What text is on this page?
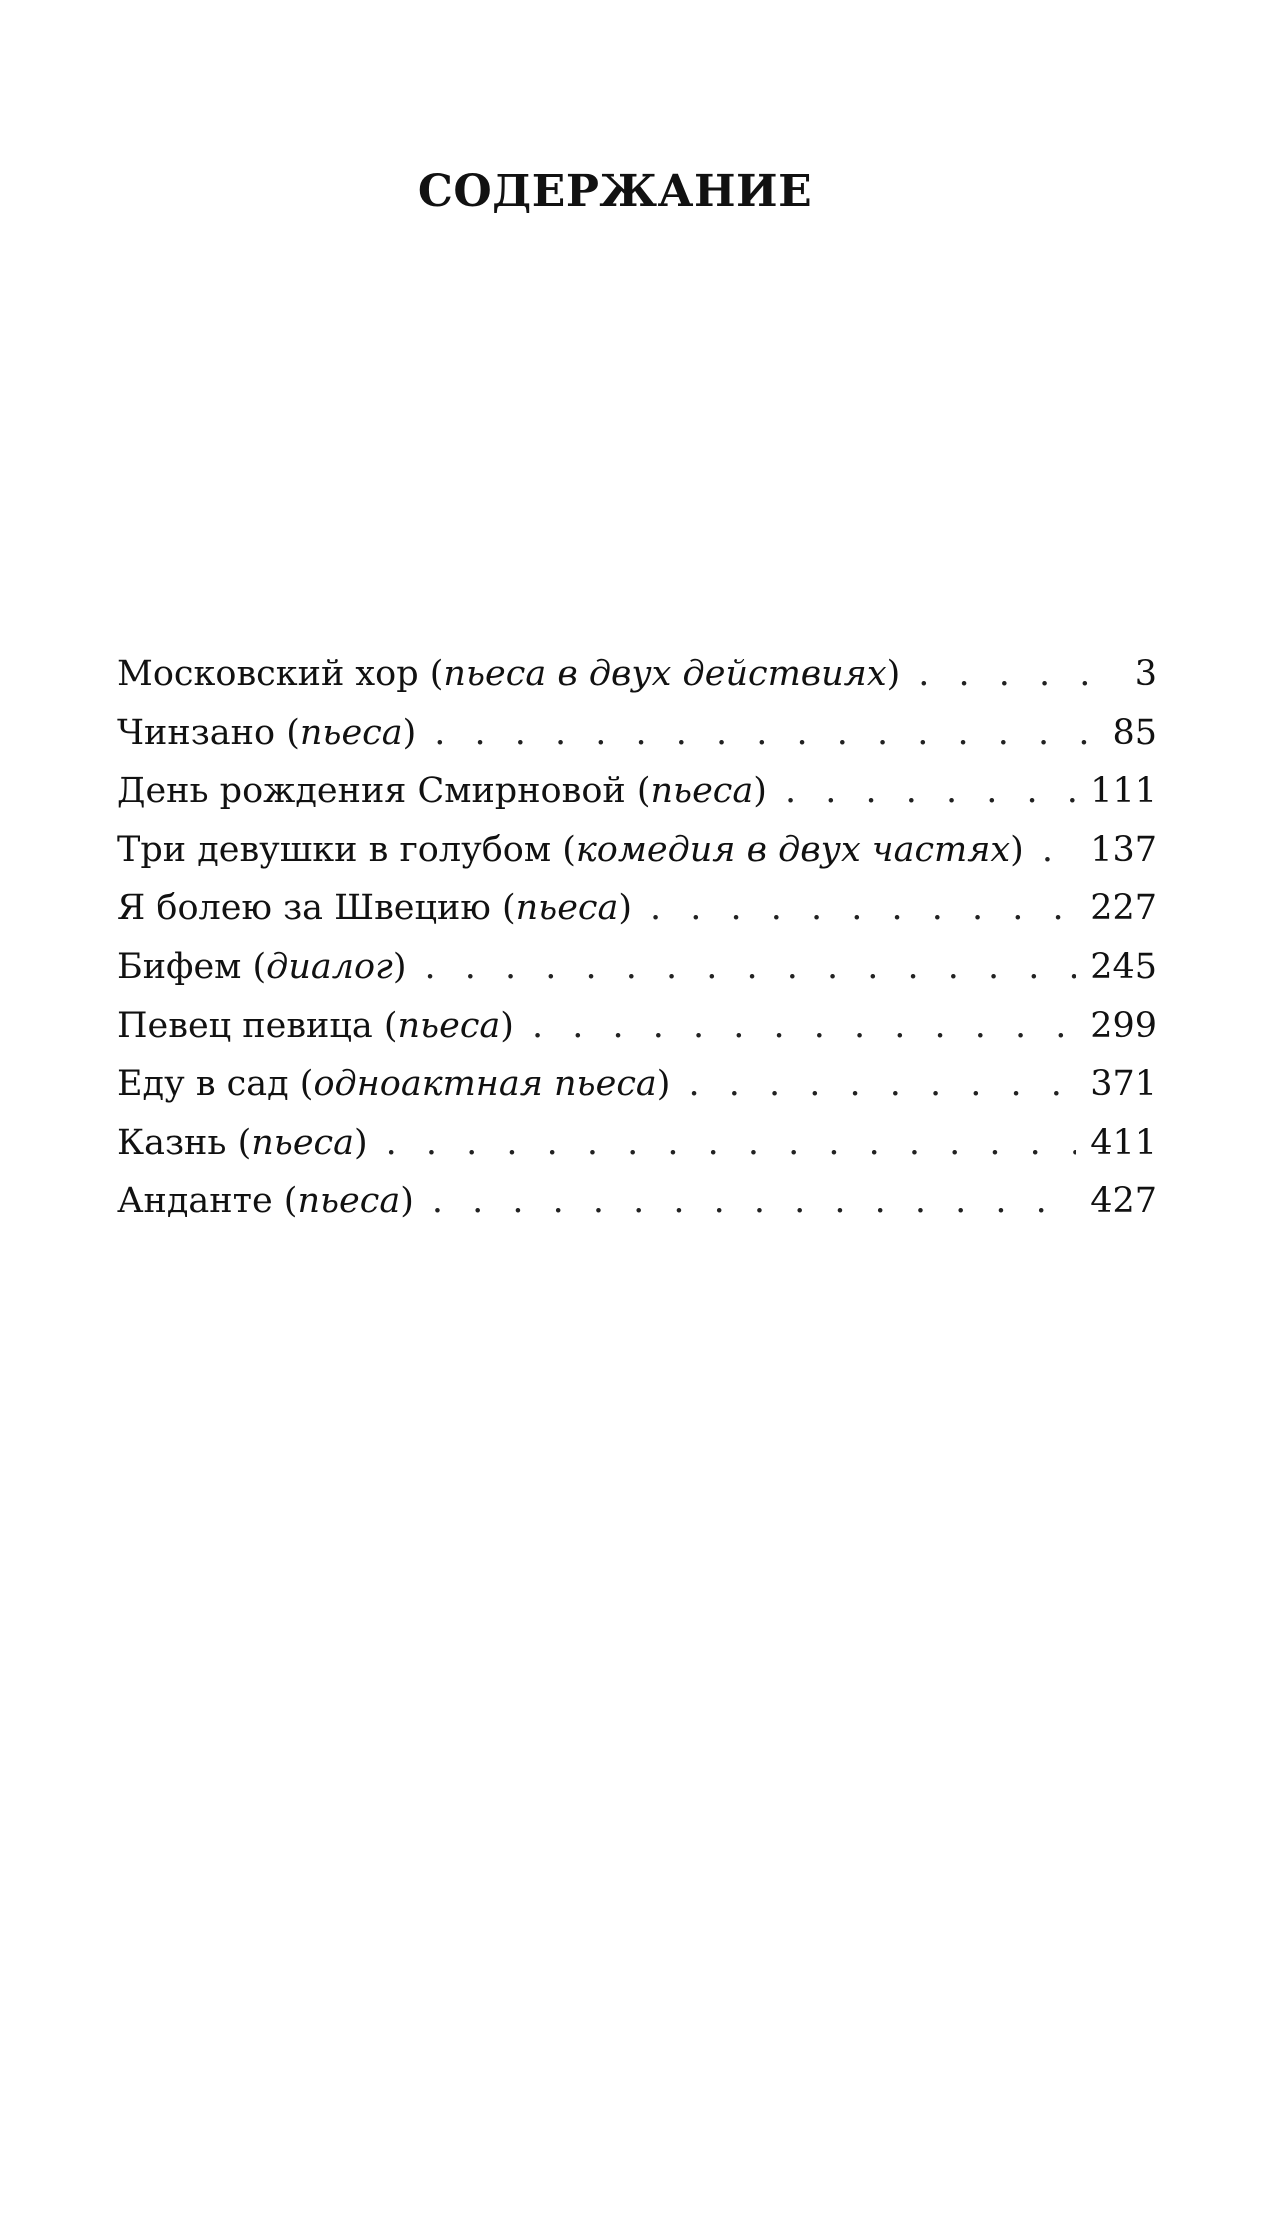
СОДЕРЖАНИЕ
Московский хор (пьеса в двух действиях) . . .	3
Чинзано (пьеса) . . .	85
День рождения Смирновой (пьеса) . . .	111
Три девушки в голубом (комедия в двух частях) . . . 137
Я болею за Швецию (пьеса) . . .	227
Бифем (диалог) . . .	245
Певец певица (пьеса) . . .	299
Еду в сад (одноактная пьеса) . . .	371
Казнь (пьеса) . . .	411
Анданте (пьеса) . . .	427
